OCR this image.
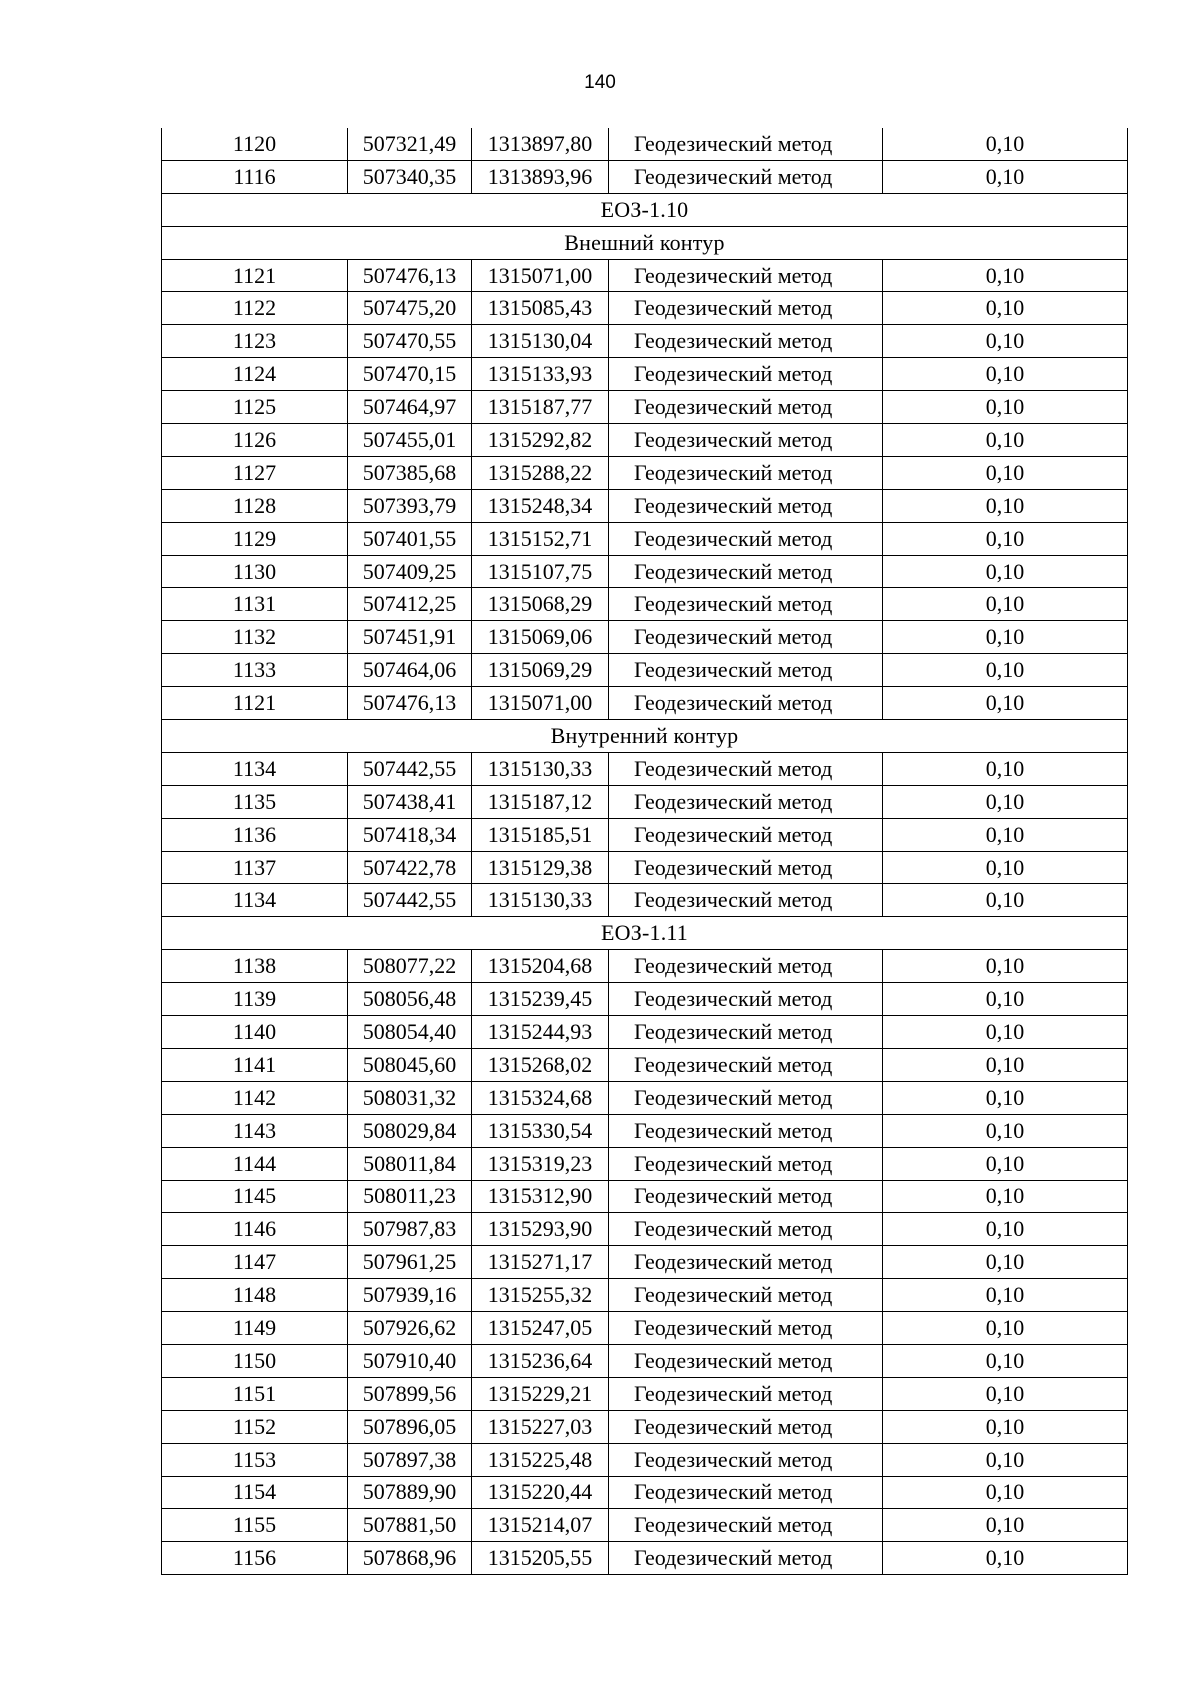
140
1120	507321,49	1313897,80	Геодезический метод	0,10
1116	507340,35	1313893,96	Геодезический метод	0,10
ЕОЗ-1.10				
Внешний контур				
1121	507476,13	1315071,00	Геодезический метод	0,10
1122	507475,20	1315085,43	Геодезический метод	0,10
1123	507470,55	1315130,04	Геодезический метод	0,10
1124	507470,15	1315133,93	Геодезический метод	0,10
1125	507464,97	1315187,77	Геодезический метод	0,10
1126	507455,01	1315292,82	Геодезический метод	0,10
1127	507385,68	1315288,22	Геодезический метод	0,10
1128	507393,79	1315248,34	Геодезический метод	0,10
1129	507401,55	1315152,71	Геодезический метод	0,10
1130	507409,25	1315107,75	Геодезический метод	0,10
1131	507412,25	1315068,29	Геодезический метод	0,10
1132	507451,91	1315069,06	Геодезический метод	0,10
1133	507464,06	1315069,29	Геодезический метод	0,10
1121	507476,13	1315071,00	Геодезический метод	0,10
Внутренний контур				
1134	507442,55	1315130,33	Геодезический метод	0,10
1135	507438,41	1315187,12	Геодезический метод	0,10
1136	507418,34	1315185,51	Геодезический метод	0,10
1137	507422,78	1315129,38	Геодезический метод	0,10
1134	507442,55	1315130,33	Геодезический метод	0,10
ЕОЗ-1.11				
1138	508077,22	1315204,68	Геодезический метод	0,10
1139	508056,48	1315239,45	Геодезический метод	0,10
1140	508054,40	1315244,93	Геодезический метод	0,10
1141	508045,60	1315268,02	Геодезический метод	0,10
1142	508031,32	1315324,68	Геодезический метод	0,10
1143	508029,84	1315330,54	Геодезический метод	0,10
1144	508011,84	1315319,23	Геодезический метод	0,10
1145	508011,23	1315312,90	Геодезический метод	0,10
1146	507987,83	1315293,90	Геодезический метод	0,10
1147	507961,25	1315271,17	Геодезический метод	0,10
1148	507939,16	1315255,32	Геодезический метод	0,10
1149	507926,62	1315247,05	Геодезический метод	0,10
1150	507910,40	1315236,64	Геодезический метод	0,10
1151	507899,56	1315229,21	Геодезический метод	0,10
1152	507896,05	1315227,03	Геодезический метод	0,10
1153	507897,38	1315225,48	Геодезический метод	0,10
1154	507889,90	1315220,44	Геодезический метод	0,10
1155	507881,50	1315214,07	Геодезический метод	0,10
1156	507868,96	1315205,55	Геодезический метод	0,10
